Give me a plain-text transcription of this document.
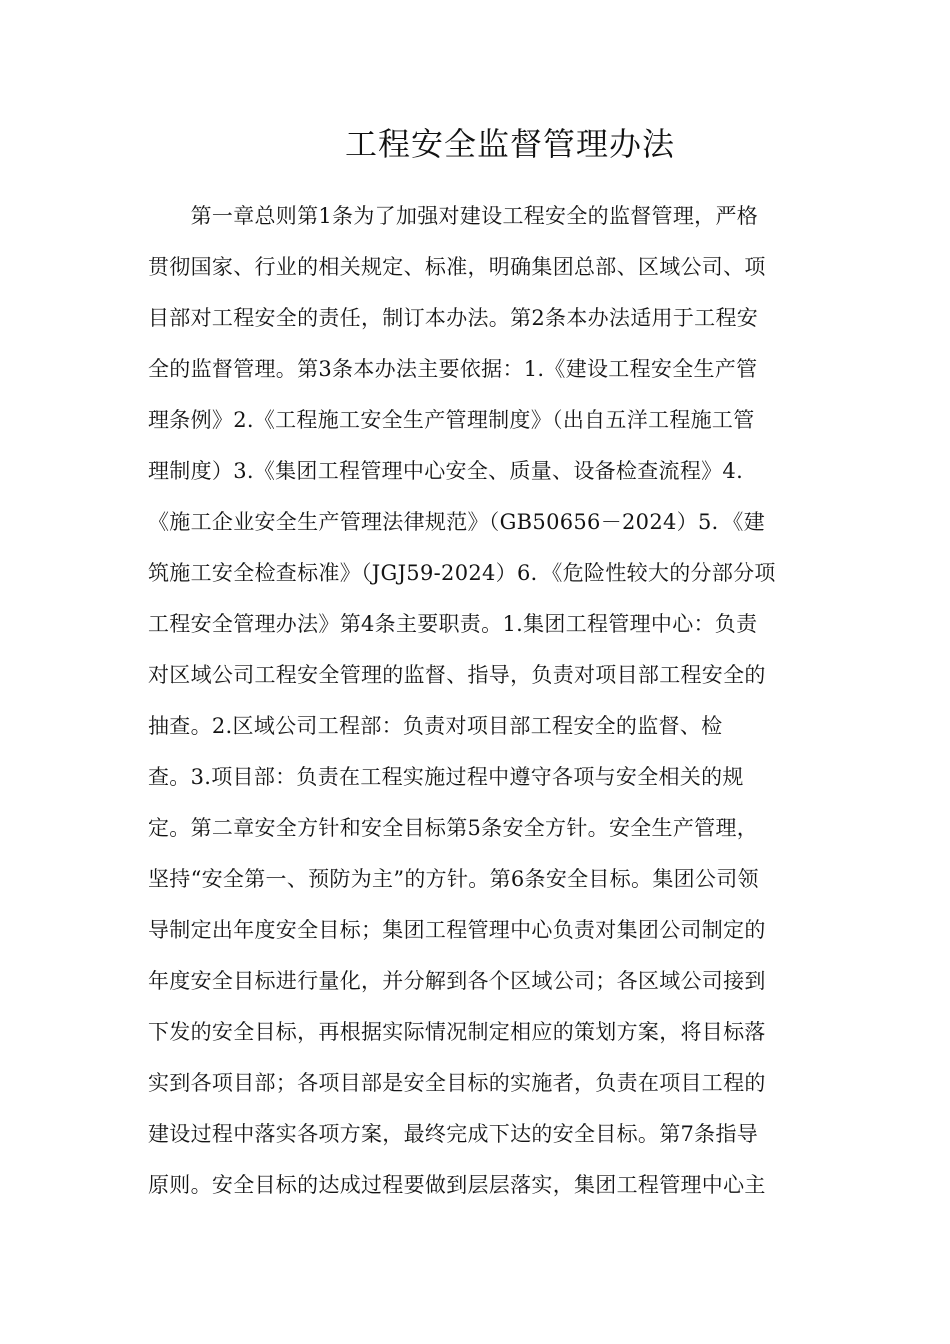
工程安全监督管理办法
　　第一章总则第1条为了加强对建设工程安全的监督管理，严格
贯彻国家、行业的相关规定、标准，明确集团总部、区域公司、项
目部对工程安全的责任，制订本办法。第2条本办法适用于工程安
全的监督管理。第3条本办法主要依据：1.《建设工程安全生产管
理条例》2.《工程施工安全生产管理制度》（出自五洋工程施工管
理制度）3.《集团工程管理中心安全、质量、设备检查流程》4.
《施工企业安全生产管理法律规范》（GB50656－2024）5．《建
筑施工安全检查标准》（JGJ59-2024）6．《危险性较大的分部分项
工程安全管理办法》第4条主要职责。1.集团工程管理中心：负责
对区域公司工程安全管理的监督、指导，负责对项目部工程安全的
抽查。2.区域公司工程部：负责对项目部工程安全的监督、检
查。3.项目部：负责在工程实施过程中遵守各项与安全相关的规
定。第二章安全方针和安全目标第5条安全方针。安全生产管理，
坚持“安全第一、预防为主”的方针。第6条安全目标。集团公司领
导制定出年度安全目标；集团工程管理中心负责对集团公司制定的
年度安全目标进行量化，并分解到各个区域公司；各区域公司接到
下发的安全目标，再根据实际情况制定相应的策划方案，将目标落
实到各项目部；各项目部是安全目标的实施者，负责在项目工程的
建设过程中落实各项方案，最终完成下达的安全目标。第7条指导
原则。安全目标的达成过程要做到层层落实，集团工程管理中心主
